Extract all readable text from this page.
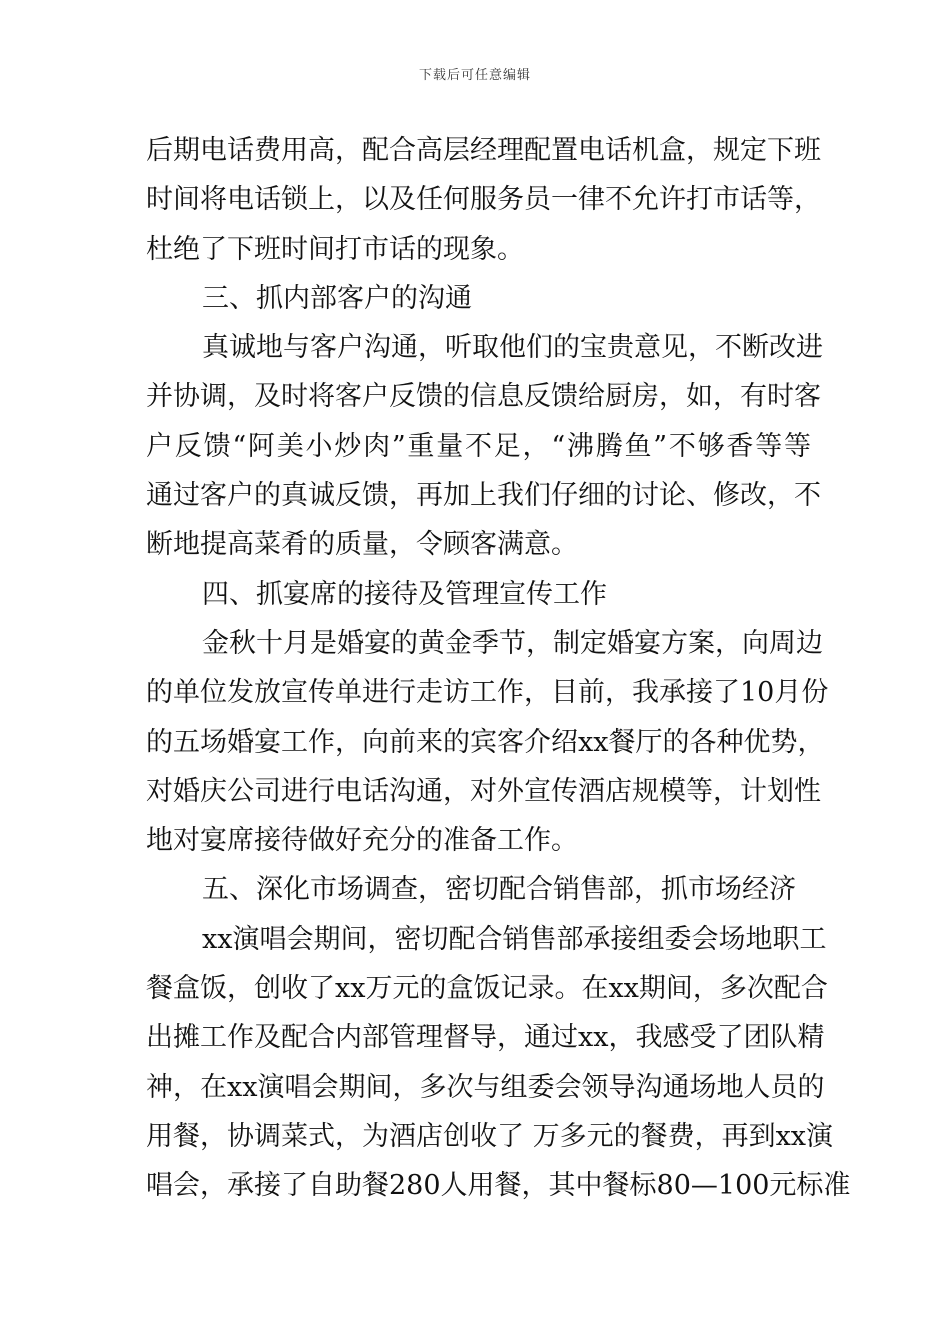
下载后可任意编辑
后期电话费用高，配合高层经理配置电话机盒，规定下班
时间将电话锁上，以及任何服务员一律不允许打市话等，
杜绝了下班时间打市话的现象。
三、抓内部客户的沟通
真诚地与客户沟通，听取他们的宝贵意见，不断改进
并协调，及时将客户反馈的信息反馈给厨房，如，有时客
户反馈“阿美小炒肉”重量不足，“沸腾鱼”不够香等等
通过客户的真诚反馈，再加上我们仔细的讨论、修改，不
断地提高菜肴的质量，令顾客满意。
四、抓宴席的接待及管理宣传工作
金秋十月是婚宴的黄金季节，制定婚宴方案，向周边
的单位发放宣传单进行走访工作，目前，我承接了10月份
的五场婚宴工作，向前来的宾客介绍xx餐厅的各种优势，
对婚庆公司进行电话沟通，对外宣传酒店规模等，计划性
地对宴席接待做好充分的准备工作。
五、深化市场调查，密切配合销售部，抓市场经济
xx演唱会期间，密切配合销售部承接组委会场地职工
餐盒饭，创收了xx万元的盒饭记录。在xx期间，多次配合
出摊工作及配合内部管理督导，通过xx，我感受了团队精
神，在xx演唱会期间，多次与组委会领导沟通场地人员的
用餐，协调菜式，为酒店创收了 万多元的餐费，再到xx演
唱会，承接了自助餐280人用餐，其中餐标80—100元标准
